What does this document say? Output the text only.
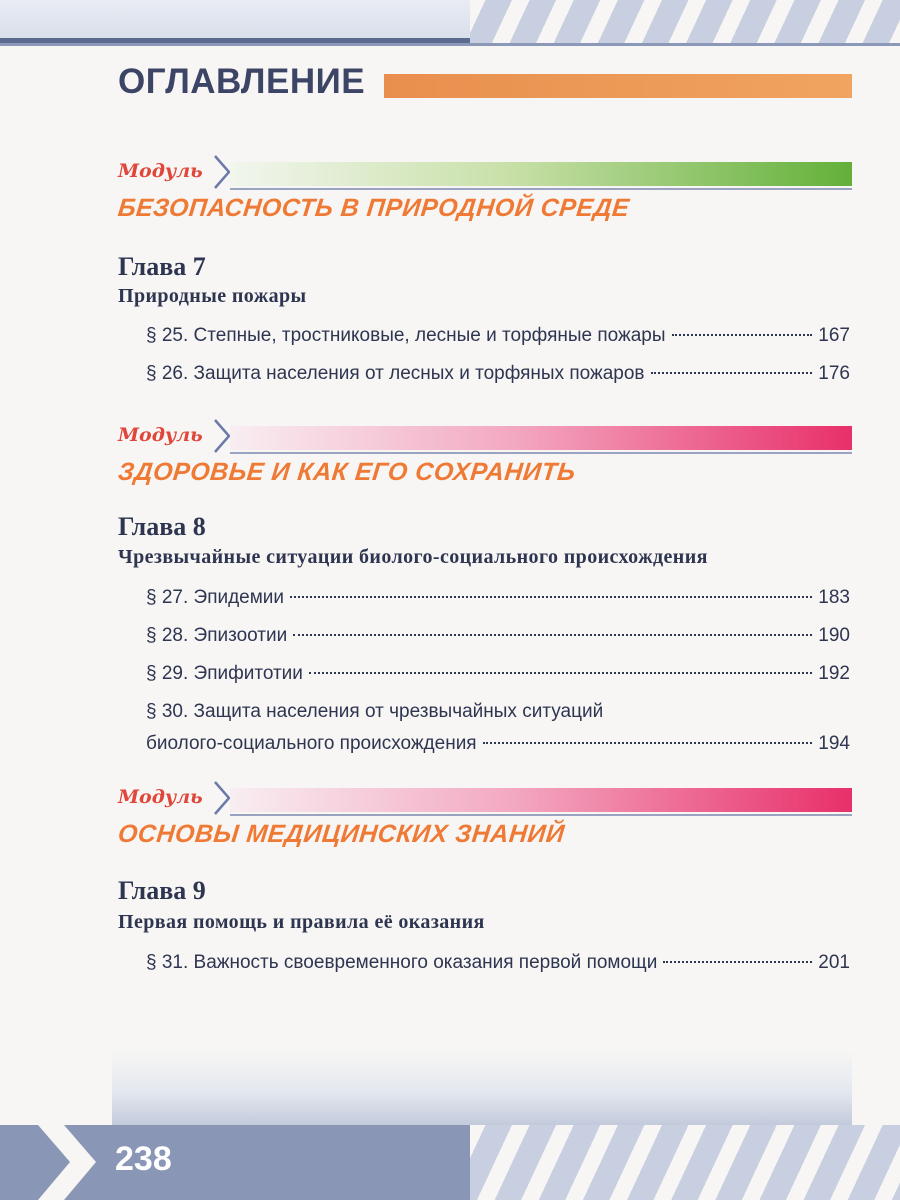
ОГЛАВЛЕНИЕ
Модуль
БЕЗОПАСНОСТЬ В ПРИРОДНОЙ СРЕДЕ
Глава 7
Природные пожары
§ 25. Степные, тростниковые, лесные и торфяные пожары	167
§ 26. Защита населения от лесных и торфяных пожаров	176
Модуль
ЗДОРОВЬЕ И КАК ЕГО СОХРАНИТЬ
Глава 8
Чрезвычайные ситуации биолого-социального происхождения
§ 27. Эпидемии	183
§ 28. Эпизоотии	190
§ 29. Эпифитотии	192
§ 30. Защита населения от чрезвычайных ситуаций
биолого-социального происхождения	194
Модуль
ОСНОВЫ МЕДИЦИНСКИХ ЗНАНИЙ
Глава 9
Первая помощь и правила её оказания
§ 31. Важность своевременного оказания первой помощи	201
238
